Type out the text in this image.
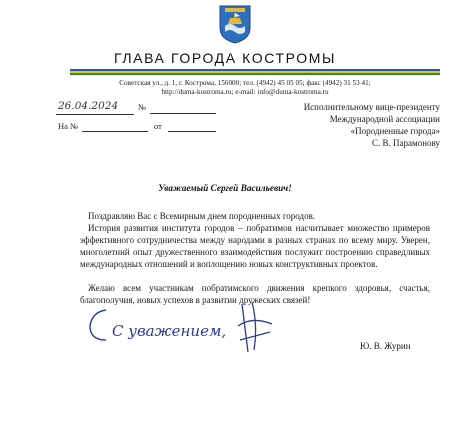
ГЛАВА ГОРОДА КОСТРОМЫ
Советская ул., д. 1, г. Кострома, 156000; тел. (4942) 45 05 05; факс (4942) 31 53 41;
http://duma-kostroma.ru; e-mail: info@duma-kostroma.ru
26.04.2024 №
На №	от
Исполнительному вице-президенту
Международной ассоциации
«Породненные города»
С. В. Парамонову
Уважаемый Сергей Васильевич!
Поздравляю Вас с Всемирным днем породненных городов.
История развития института городов – побратимов насчитывает множество примеров эффективного сотрудничества между народами в разных странах по всему миру. Уверен, многолетний опыт дружественного взаимодействия послужит построению справедливых международных отношений и воплощению новых конструктивных проектов.
Желаю всем участникам побратимского движения крепкого здоровья, счастья, благополучия, новых успехов в развитии дружеских связей!
С уважением,
Ю. В. Журин
